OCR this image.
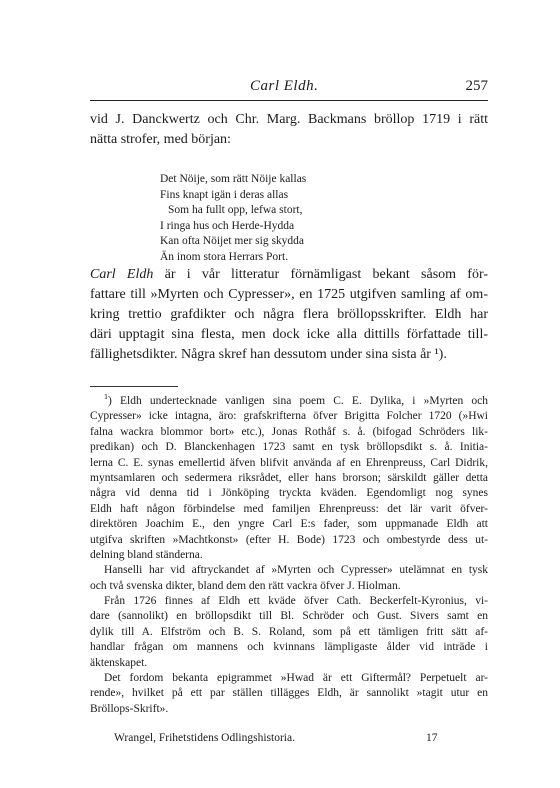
Carl Eldh.	257
vid J. Danckwertz och Chr. Marg. Backmans bröllop 1719 i rätt
nätta strofer, med början:
Det Nöije, som rätt Nöije kallas
Fins knapt igän i deras allas
Som ha fullt opp, lefwa stort,
I ringa hus och Herde-Hydda
Kan ofta Nöijet mer sig skydda
Än inom stora Herrars Port.
Carl Eldh är i vår litteratur förnämligast bekant såsom för-
fattare till »Myrten och Cypresser», en 1725 utgifven samling af om-
kring trettio grafdikter och några flera bröllopsskrifter. Eldh har
däri upptagit sina flesta, men dock icke alla dittills författade till-
fällighetsdikter. Några skref han dessutom under sina sista år ¹).
$^1$) Eldh undertecknade vanligen sina poem C. E. Dylika, i »Myrten och
Cypresser» icke intagna, äro: grafskrifterna öfver Brigitta Folcher 1720 (»Hwi
falna wackra blommor bort» etc.), Jonas Rothåf s. å. (bifogad Schröders lik-
predikan) och D. Blanckenhagen 1723 samt en tysk bröllopsdikt s. å. Initia-
lerna C. E. synas emellertid äfven blifvit använda af en Ehrenpreuss, Carl Didrik,
myntsamlaren och sedermera riksrådet, eller hans brorson; särskildt gäller detta
några vid denna tid i Jönköping tryckta kväden. Egendomligt nog synes
Eldh haft någon förbindelse med familjen Ehrenpreuss: det lär varit öfver-
direktören Joachim E., den yngre Carl E:s fader, som uppmanade Eldh att
utgifva skriften »Machtkonst» (efter H. Bode) 1723 och ombestyrde dess ut-
delning bland ständerna.
Hanselli har vid aftryckandet af »Myrten och Cypresser» utelämnat en tysk
och två svenska dikter, bland dem den rätt vackra öfver J. Hiolman.
Från 1726 finnes af Eldh ett kväde öfver Cath. Beckerfelt-Kyronius, vi-
dare (sannolikt) en bröllopsdikt till Bl. Schröder och Gust. Sivers samt en
dylik till A. Elfström och B. S. Roland, som på ett tämligen fritt sätt af-
handlar frågan om mannens och kvinnans lämpligaste ålder vid inträde i
äktenskapet.
Det fordom bekanta epigrammet »Hwad är ett Giftermål? Perpetuelt ar-
rende», hvilket på ett par ställen tillägges Eldh, är sannolikt »tagit utur en
Bröllops-Skrift».
Wrangel, Frihetstidens Odlingshistoria.	17
